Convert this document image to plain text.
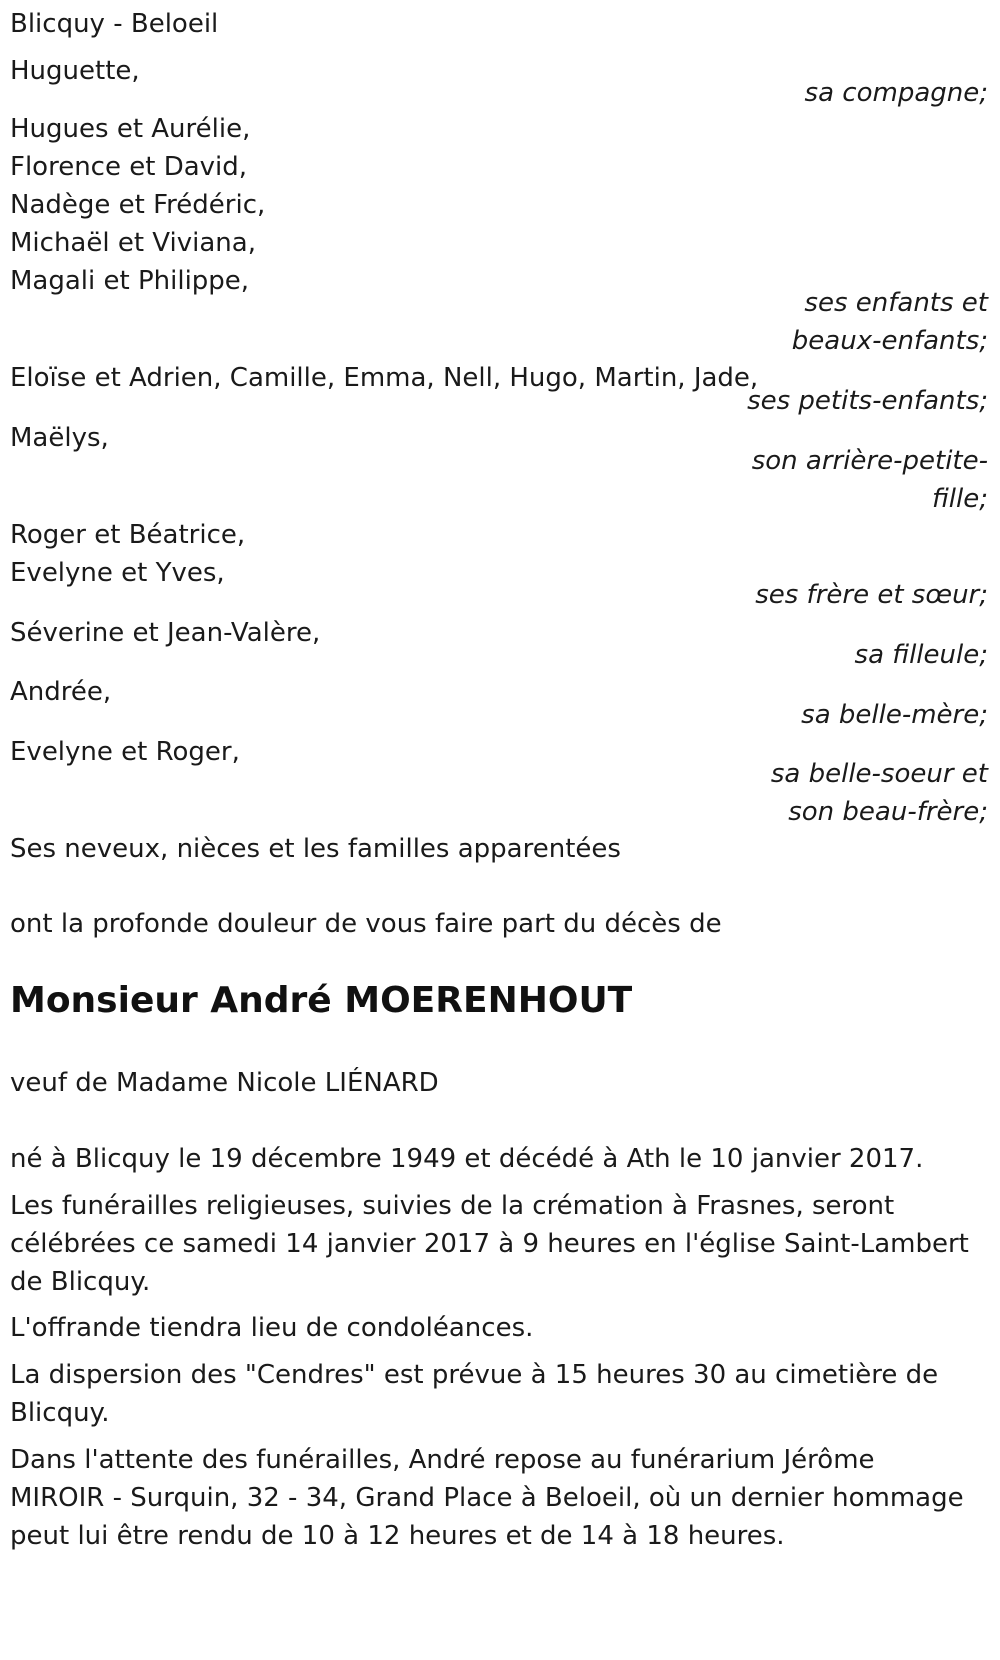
Blicquy - Beloeil
Huguette,
sa compagne;
Hugues et Aurélie,
Florence et David,
Nadège et Frédéric,
Michaël et Viviana,
Magali et Philippe,
ses enfants et
beaux-enfants;
Eloïse et Adrien, Camille, Emma, Nell, Hugo, Martin, Jade,
ses petits-enfants;
Maëlys,
son arrière-petite-
fille;
Roger et Béatrice,
Evelyne et Yves,
ses frère et sœur;
Séverine et Jean-Valère,
sa filleule;
Andrée,
sa belle-mère;
Evelyne et Roger,
sa belle-soeur et
son beau-frère;
Ses neveux, nièces et les familles apparentées
ont la profonde douleur de vous faire part du décès de
Monsieur André MOERENHOUT
veuf de Madame Nicole LIÉNARD
né à Blicquy le 19 décembre 1949 et décédé à Ath le 10 janvier 2017.
Les funérailles religieuses, suivies de la crémation à Frasnes, seront
célébrées ce samedi 14 janvier 2017 à 9 heures en l'église Saint-Lambert
de Blicquy.
L'offrande tiendra lieu de condoléances.
La dispersion des "Cendres" est prévue à 15 heures 30 au cimetière de
Blicquy.
Dans l'attente des funérailles, André repose au funérarium Jérôme
MIROIR - Surquin, 32 - 34, Grand Place à Beloeil, où un dernier hommage
peut lui être rendu de 10 à 12 heures et de 14 à 18 heures.
